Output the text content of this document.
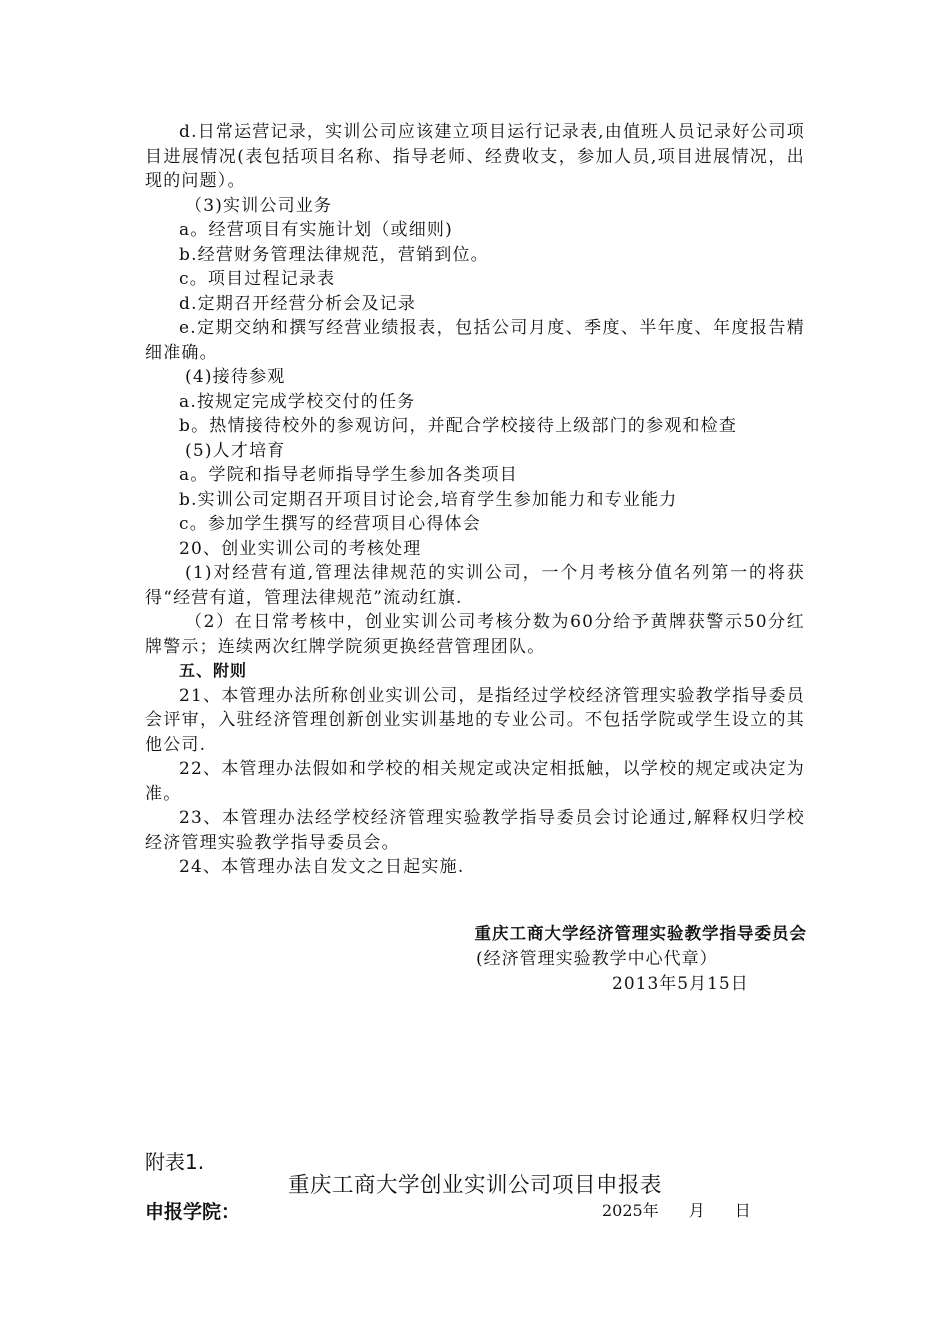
d.日常运营记录，实训公司应该建立项目运行记录表,由值班人员记录好公司项目进展情况(表包括项目名称、指导老师、经费收支，参加人员,项目进展情况，出现的问题）。

（3)实训公司业务

a。经营项目有实施计划（或细则)

b.经营财务管理法律规范，营销到位。

c。项目过程记录表

d.定期召开经营分析会及记录

e.定期交纳和撰写经营业绩报表，包括公司月度、季度、半年度、年度报告精细准确。

(4)接待参观

a.按规定完成学校交付的任务

b。热情接待校外的参观访问，并配合学校接待上级部门的参观和检查

(5)人才培育

a。学院和指导老师指导学生参加各类项目

b.实训公司定期召开项目讨论会,培育学生参加能力和专业能力

c。参加学生撰写的经营项目心得体会

20、创业实训公司的考核处理

(1)对经营有道,管理法律规范的实训公司，一个月考核分值名列第一的将获得“经营有道，管理法律规范”流动红旗.

（2）在日常考核中，创业实训公司考核分数为60分给予黄牌获警示50分红牌警示；连续两次红牌学院须更换经营管理团队。

五、附则

21、本管理办法所称创业实训公司，是指经过学校经济管理实验教学指导委员会评审，入驻经济管理创新创业实训基地的专业公司。不包括学院或学生设立的其他公司.

22、本管理办法假如和学校的相关规定或决定相抵触，以学校的规定或决定为准。

23、本管理办法经学校经济管理实验教学指导委员会讨论通过,解释权归学校经济管理实验教学指导委员会。

24、本管理办法自发文之日起实施.

重庆工商大学经济管理实验教学指导委员会
(经济管理实验教学中心代章）
2013年5月15日
附表1.
重庆工商大学创业实训公司项目申报表
申报学院：	2025年 月 日
